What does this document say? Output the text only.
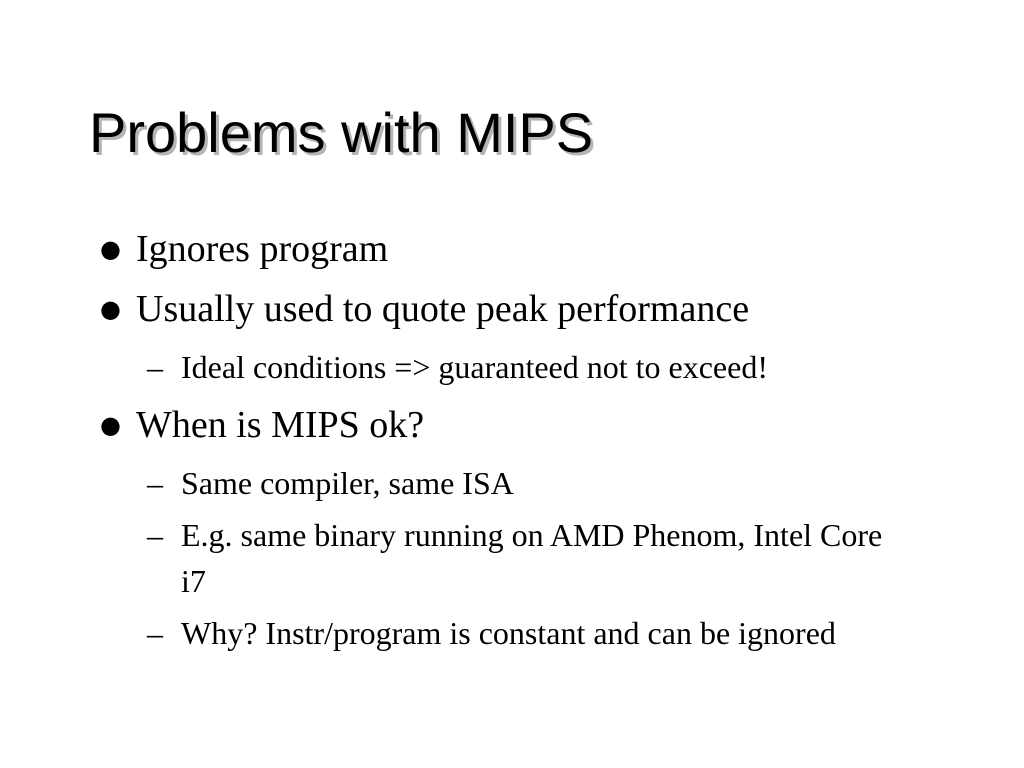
Problems with MIPS
● Ignores program
● Usually used to quote peak performance
– Ideal conditions => guaranteed not to exceed!
● When is MIPS ok?
– Same compiler, same ISA
– E.g. same binary running on AMD Phenom, Intel Core i7
– Why? Instr/program is constant and can be ignored
